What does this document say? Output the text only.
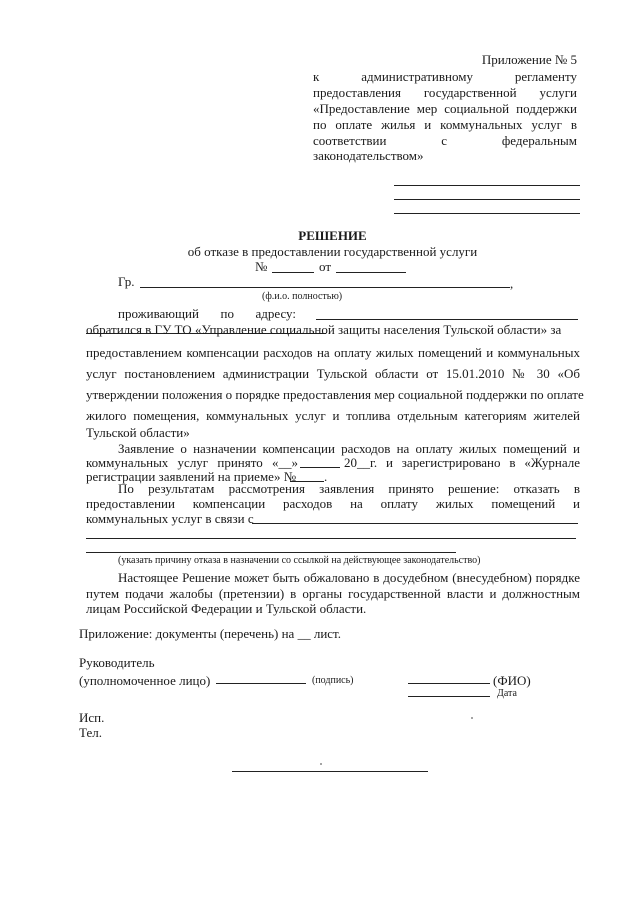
Приложение № 5
к административному регламенту
предоставления государственной услуги
«Предоставление мер социальной поддержки
по оплате жилья и коммунальных услуг в
соответствии с федеральным
законодательством»
РЕШЕНИЕ
об отказе в предоставлении государственной услуги
№	от
Гр.	,
(ф.и.о. полностью)
проживающий по адресу:
обратился в ГУ ТО «Управление социальной защиты населения Тульской области» за
предоставлением компенсации расходов на оплату жилых помещений и коммунальных
услуг постановлением администрации Тульской области от 15.01.2010 № 30 «Об
утверждении положения о порядке предоставления мер социальной поддержки по оплате
жилого помещения, коммунальных услуг и топлива отдельным категориям жителей
Тульской области»
Заявление о назначении компенсации расходов на оплату жилых помещений и
коммунальных услуг принято «__»	20__г. и зарегистрировано в «Журнале
регистрации заявлений на приеме» № .
По результатам рассмотрения заявления принято решение: отказать в
предоставлении компенсации расходов на оплату жилых помещений и
коммунальных услуг в связи с
(указать причину отказа в назначении со ссылкой на действующее законодательство)
Настоящее Решение может быть обжаловано в досудебном (внесудебном) порядке
путем подачи жалобы (претензии) в органы государственной власти и должностным
лицам Российской Федерации и Тульской области.
Приложение: документы (перечень) на __ лист.
Руководитель
(уполномоченное лицо)	(подпись)	(ФИО)
Дата
Исп.
Тел.
